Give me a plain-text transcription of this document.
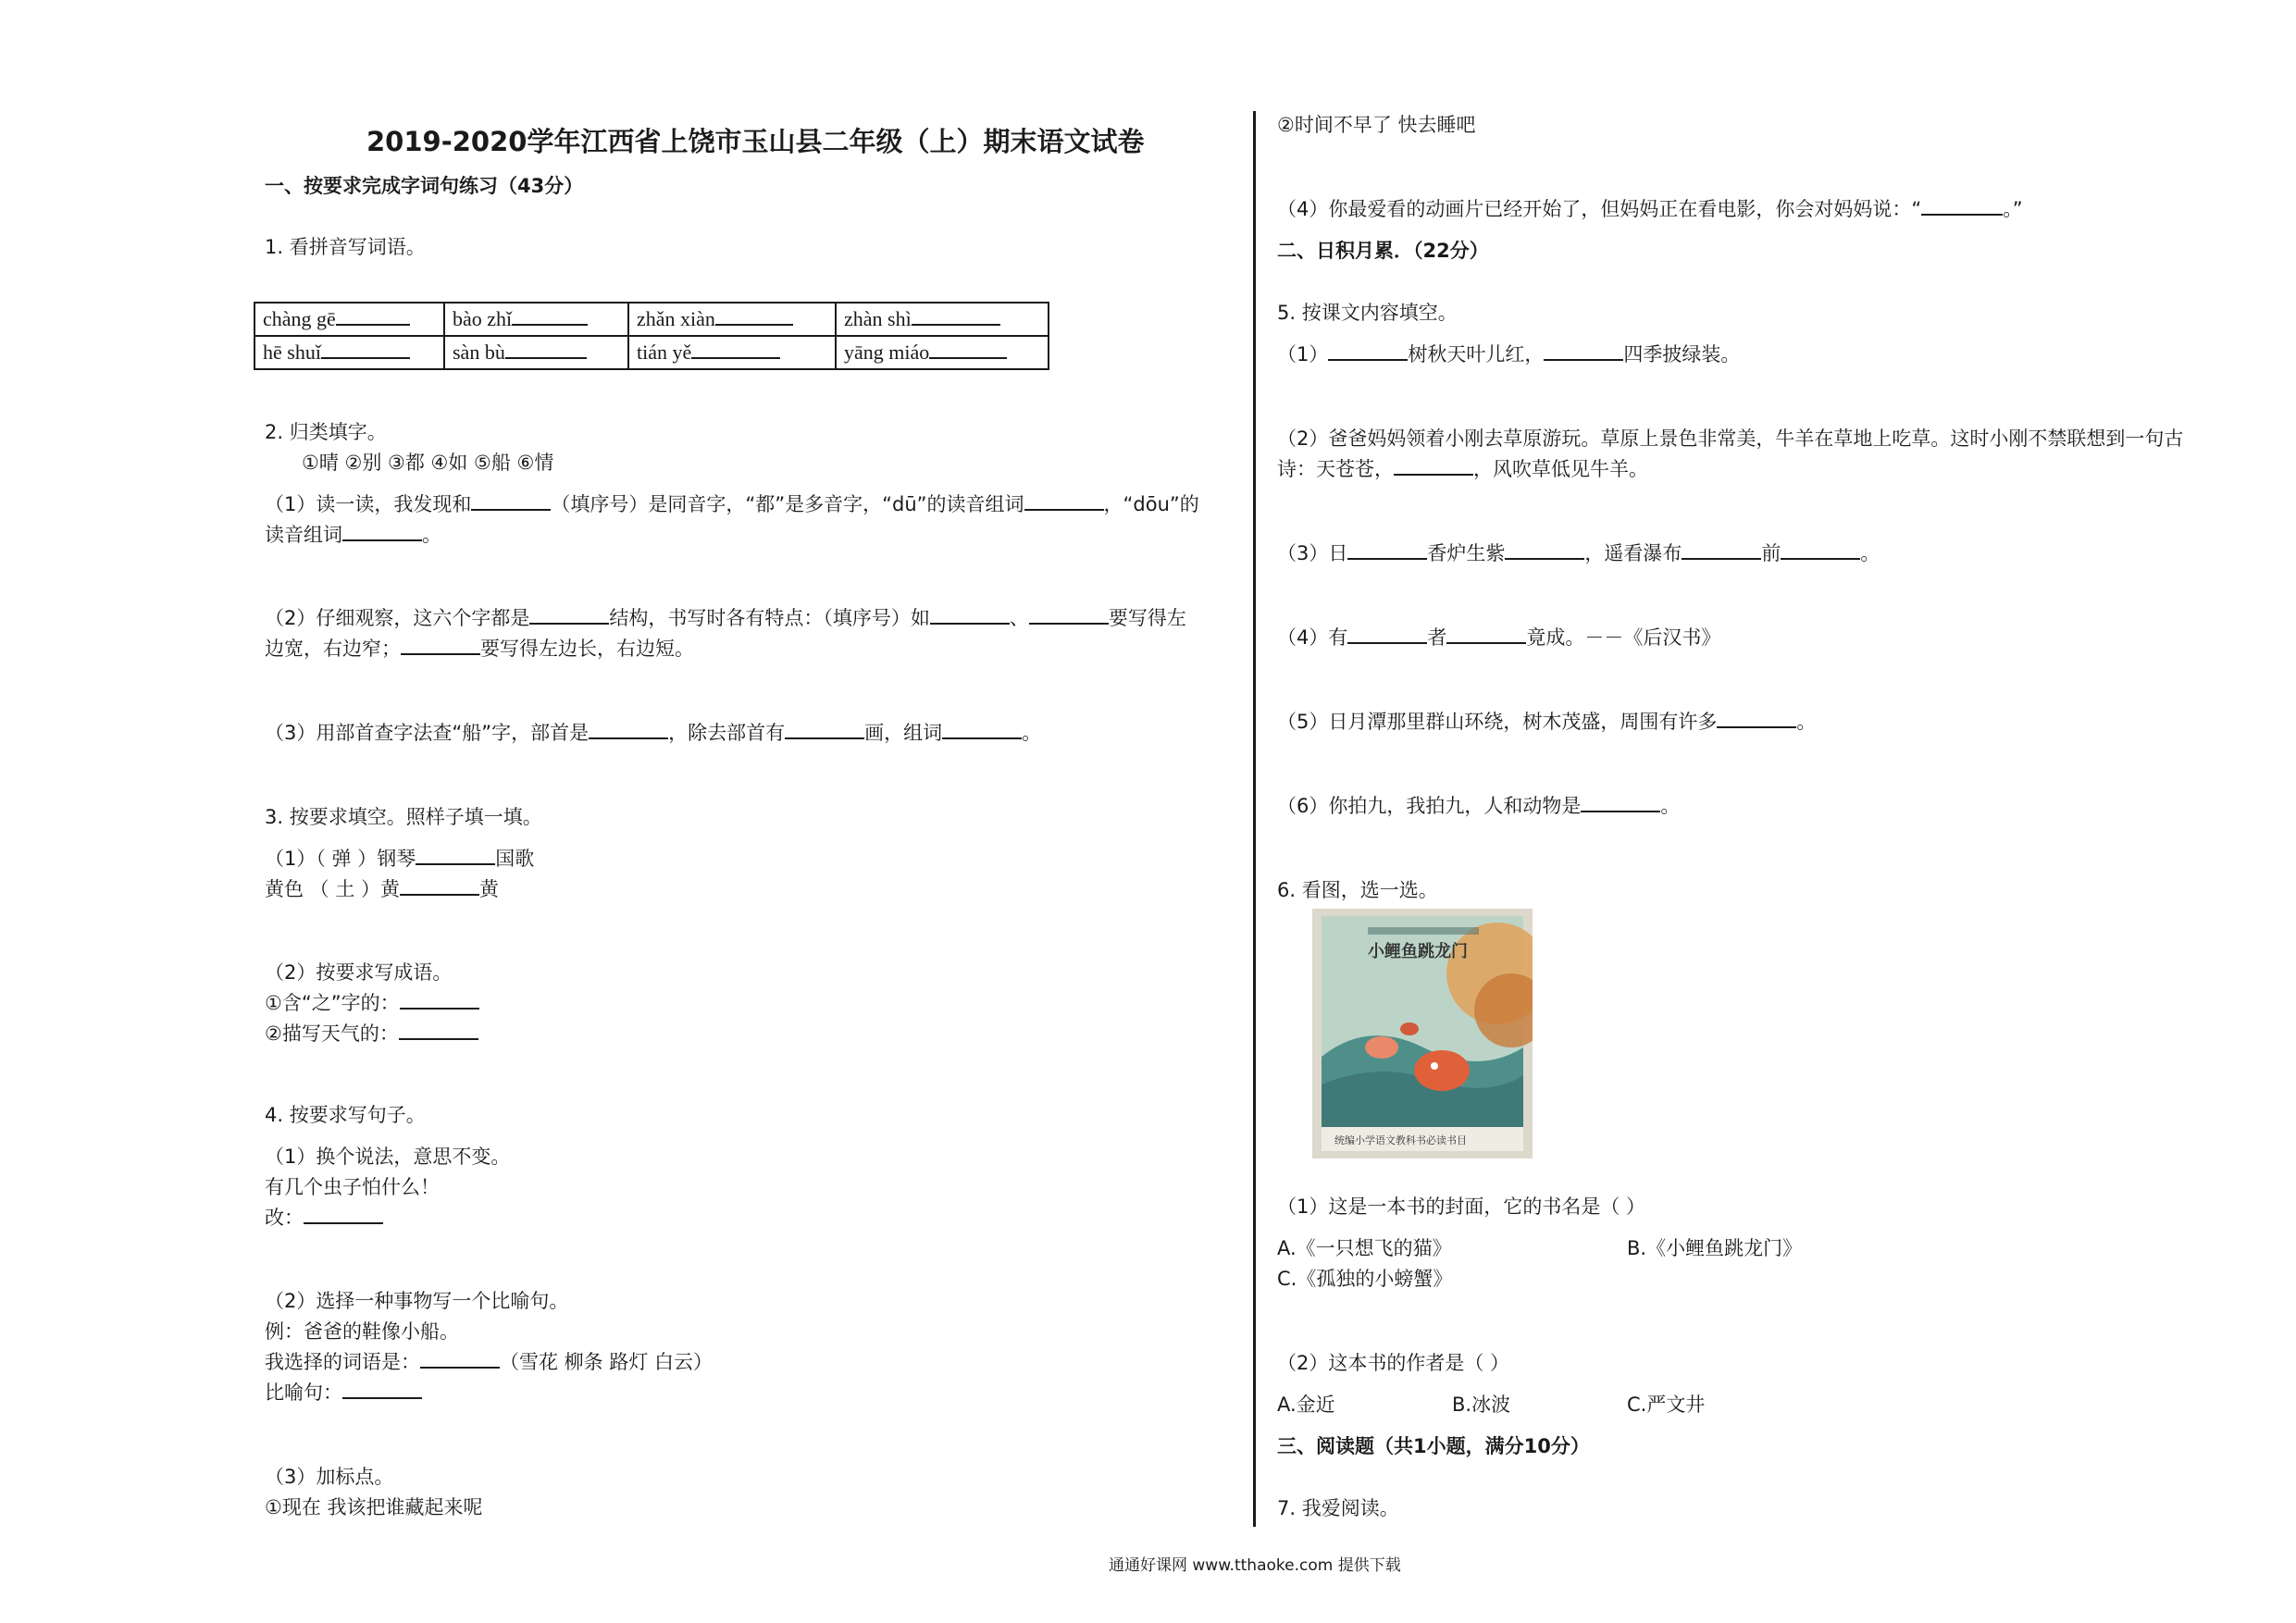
2019-2020学年江西省上饶市玉山县二年级（上）期末语文试卷
一、按要求完成字词句练习（43分）
1. 看拼音写词语。
chàng gē	bào zhǐ	zhǎn xiàn	zhàn shì
hē shuǐ	sàn bù	tián yě	yāng miáo
2. 归类填字。
①晴 ②别 ③都 ④如 ⑤船 ⑥情
（1）读一读，我发现和	（填序号）是同音字，“都”是多音字，“dū”的读音组词	，“dōu”的
读音组词	。
（2）仔细观察，这六个字都是	结构，书写时各有特点：（填序号）如	、	要写得左
边宽，右边窄；	要写得左边长，右边短。
（3）用部首查字法查“船”字，部首是	，除去部首有	画，组词	。
3. 按要求填空。照样子填一填。
（1）（ 弹 ）钢琴	国歌
黄色 （ 土 ）黄	黄
（2）按要求写成语。
①含“之”字的：
②描写天气的：
4. 按要求写句子。
（1）换个说法，意思不变。
有几个虫子怕什么！
改：
（2）选择一种事物写一个比喻句。
例：爸爸的鞋像小船。
我选择的词语是：	（雪花 柳条 路灯 白云）
比喻句：
（3）加标点。
①现在 我该把谁藏起来呢
②时间不早了 快去睡吧
（4）你最爱看的动画片已经开始了，但妈妈正在看电影，你会对妈妈说：“	。”
二、日积月累．（22分）
5. 按课文内容填空。
（1）	树秋天叶儿红，	四季披绿装。
（2）爸爸妈妈领着小刚去草原游玩。草原上景色非常美，牛羊在草地上吃草。这时小刚不禁联想到一句古
诗：天苍苍，	，风吹草低见牛羊。
（3）日	香炉生紫	，遥看瀑布	前	。
（4）有	者	竟成。－－《后汉书》
（5）日月潭那里群山环绕，树木茂盛，周围有许多	。
（6）你拍九，我拍九，人和动物是	。
6. 看图，选一选。
小鲤鱼跳龙门
统编小学语文教科书必读书目
（1）这是一本书的封面，它的书名是（ ）
A.《一只想飞的猫》	B.《小鲤鱼跳龙门》
C.《孤独的小螃蟹》
（2）这本书的作者是（ ）
A.金近	B.冰波	C.严文井
三、阅读题（共1小题，满分10分）
7. 我爱阅读。
通通好课网 www.tthaoke.com 提供下载
